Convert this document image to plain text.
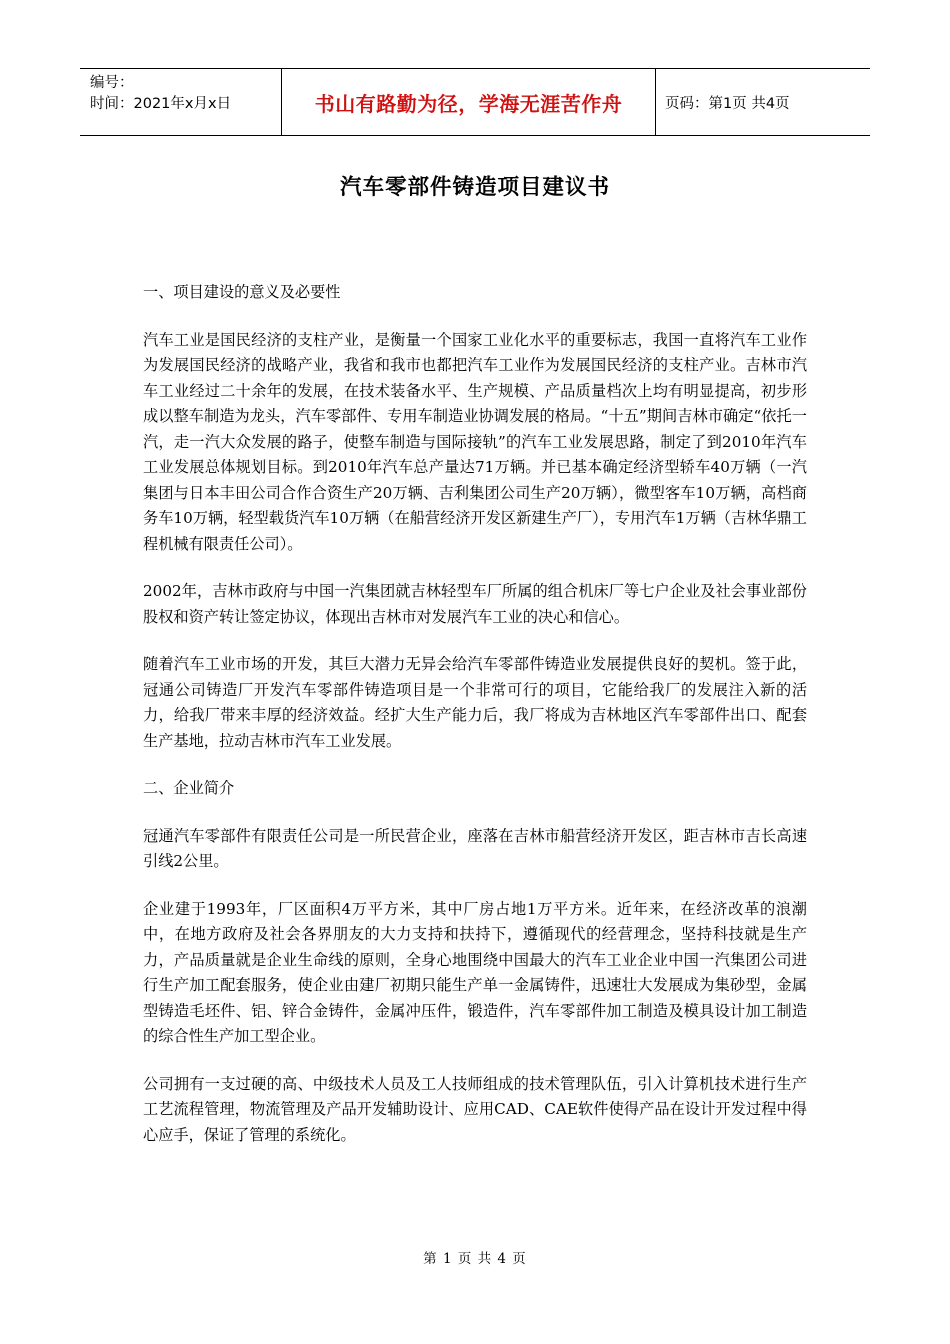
编号：
时间：2021年x月x日	书山有路勤为径，学海无涯苦作舟	页码：第1页 共4页
汽车零部件铸造项目建议书

一、项目建设的意义及必要性

汽车工业是国民经济的支柱产业，是衡量一个国家工业化水平的重要标志，我国一直将汽车工业作为发展国民经济的战略产业，我省和我市也都把汽车工业作为发展国民经济的支柱产业。吉林市汽车工业经过二十余年的发展，在技术装备水平、生产规模、产品质量档次上均有明显提高，初步形成以整车制造为龙头，汽车零部件、专用车制造业协调发展的格局。“十五”期间吉林市确定“依托一汽，走一汽大众发展的路子，使整车制造与国际接轨”的汽车工业发展思路，制定了到2010年汽车工业发展总体规划目标。到2010年汽车总产量达71万辆。并已基本确定经济型轿车40万辆（一汽集团与日本丰田公司合作合资生产20万辆、吉利集团公司生产20万辆），微型客车10万辆，高档商务车10万辆，轻型载货汽车10万辆（在船营经济开发区新建生产厂），专用汽车1万辆（吉林华鼎工程机械有限责任公司）。

2002年，吉林市政府与中国一汽集团就吉林轻型车厂所属的组合机床厂等七户企业及社会事业部份股权和资产转让签定协议，体现出吉林市对发展汽车工业的决心和信心。

随着汽车工业市场的开发，其巨大潜力无异会给汽车零部件铸造业发展提供良好的契机。签于此，冠通公司铸造厂开发汽车零部件铸造项目是一个非常可行的项目，它能给我厂的发展注入新的活力，给我厂带来丰厚的经济效益。经扩大生产能力后，我厂将成为吉林地区汽车零部件出口、配套生产基地，拉动吉林市汽车工业发展。

二、企业简介

冠通汽车零部件有限责任公司是一所民营企业，座落在吉林市船营经济开发区，距吉林市吉长高速引线2公里。

企业建于1993年，厂区面积4万平方米，其中厂房占地1万平方米。近年来，在经济改革的浪潮中，在地方政府及社会各界朋友的大力支持和扶持下，遵循现代的经营理念，坚持科技就是生产力，产品质量就是企业生命线的原则，全身心地围绕中国最大的汽车工业企业中国一汽集团公司进行生产加工配套服务，使企业由建厂初期只能生产单一金属铸件，迅速壮大发展成为集砂型，金属型铸造毛坯件、铝、锌合金铸件，金属冲压件，锻造件，汽车零部件加工制造及模具设计加工制造的综合性生产加工型企业。

公司拥有一支过硬的高、中级技术人员及工人技师组成的技术管理队伍，引入计算机技术进行生产工艺流程管理，物流管理及产品开发辅助设计、应用CAD、CAE软件使得产品在设计开发过程中得心应手，保证了管理的系统化。

第 1 页 共 4 页
